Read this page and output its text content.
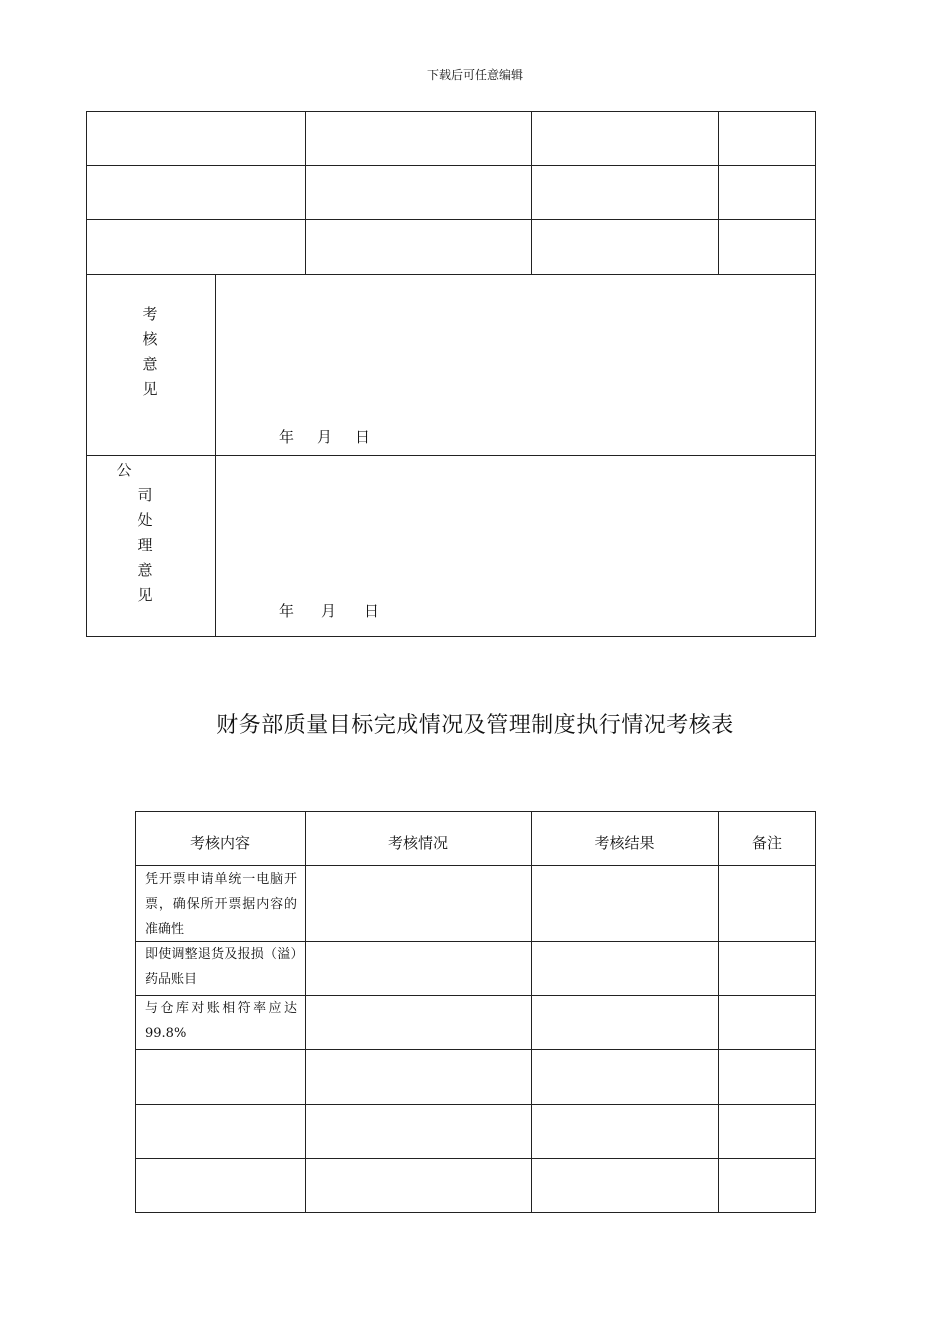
下载后可任意编辑
考
核
意
见
年 月 日
公
司
处
理
意
见
年 月 日
财务部质量目标完成情况及管理制度执行情况考核表
考核内容	考核情况	考核结果	备注
凭开票申请单统一电脑开票，确保所开票据内容的准确性
即使调整退货及报损（溢）药品账目
与仓库对账相符率应达99.8%
